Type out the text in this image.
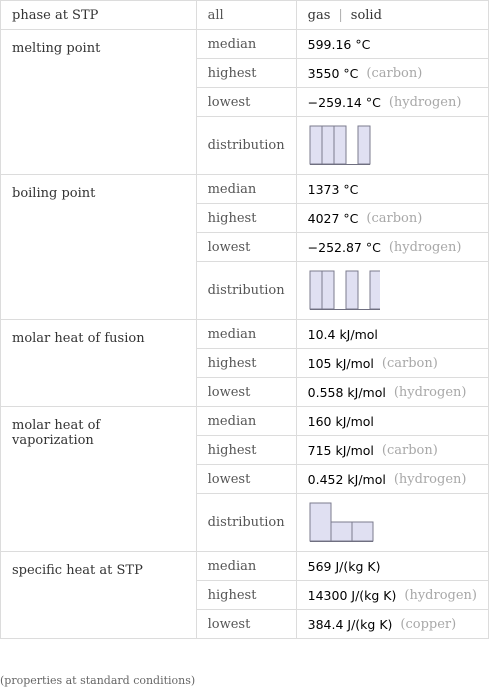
phase at STP	all	gas | solid

melting point	median	599.16 °C

highest	3550 °C (carbon)

lowest	−259.14 °C (hydrogen)

distribution

boiling point	median	1373 °C

highest	4027 °C (carbon)

lowest	−252.87 °C (hydrogen)

distribution

molar heat of fusion	median	10.4 kJ/mol

highest	105 kJ/mol (carbon)

lowest	0.558 kJ/mol (hydrogen)

molar heat of vaporization	median	160 kJ/mol

highest	715 kJ/mol (carbon)

lowest	0.452 kJ/mol (hydrogen)

distribution

specific heat at STP	median	569 J/(kg K)

highest	14300 J/(kg K) (hydrogen)

lowest	384.4 J/(kg K) (copper)
(properties at standard conditions)
